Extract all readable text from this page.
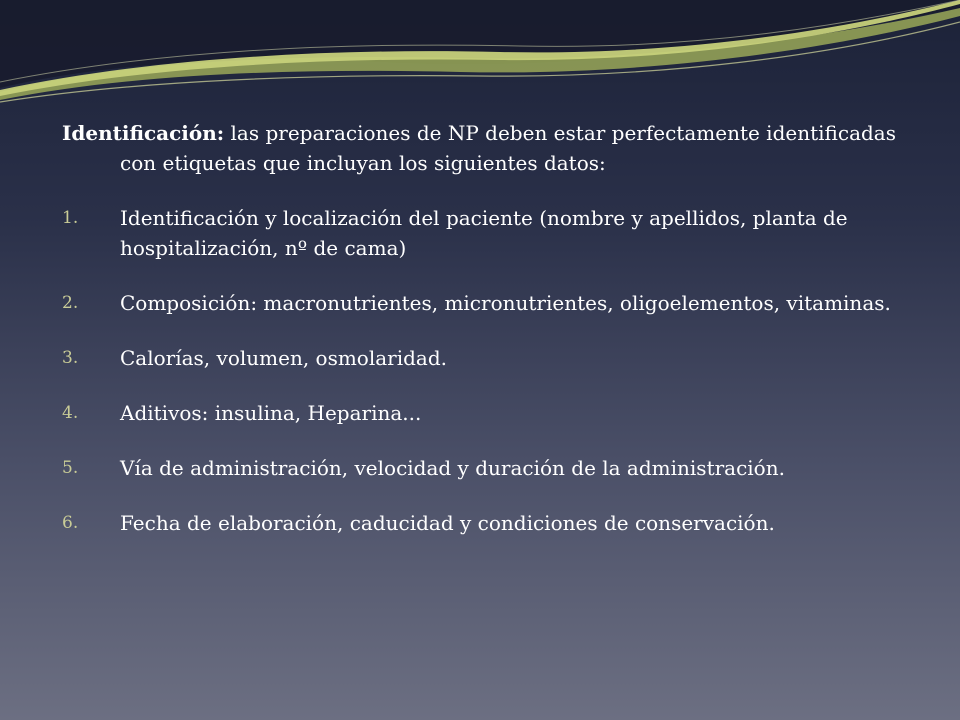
Identificación: las preparaciones de NP deben estar perfectamente identificadas con etiquetas que incluyan los siguientes datos:

1. Identificación y localización del paciente (nombre y apellidos, planta de hospitalización, nº de cama)
2. Composición: macronutrientes, micronutrientes, oligoelementos, vitaminas.
3. Calorías, volumen, osmolaridad.
4. Aditivos: insulina, Heparina...
5. Vía de administración, velocidad y duración de la administración.
6. Fecha de elaboración, caducidad y condiciones de conservación.
